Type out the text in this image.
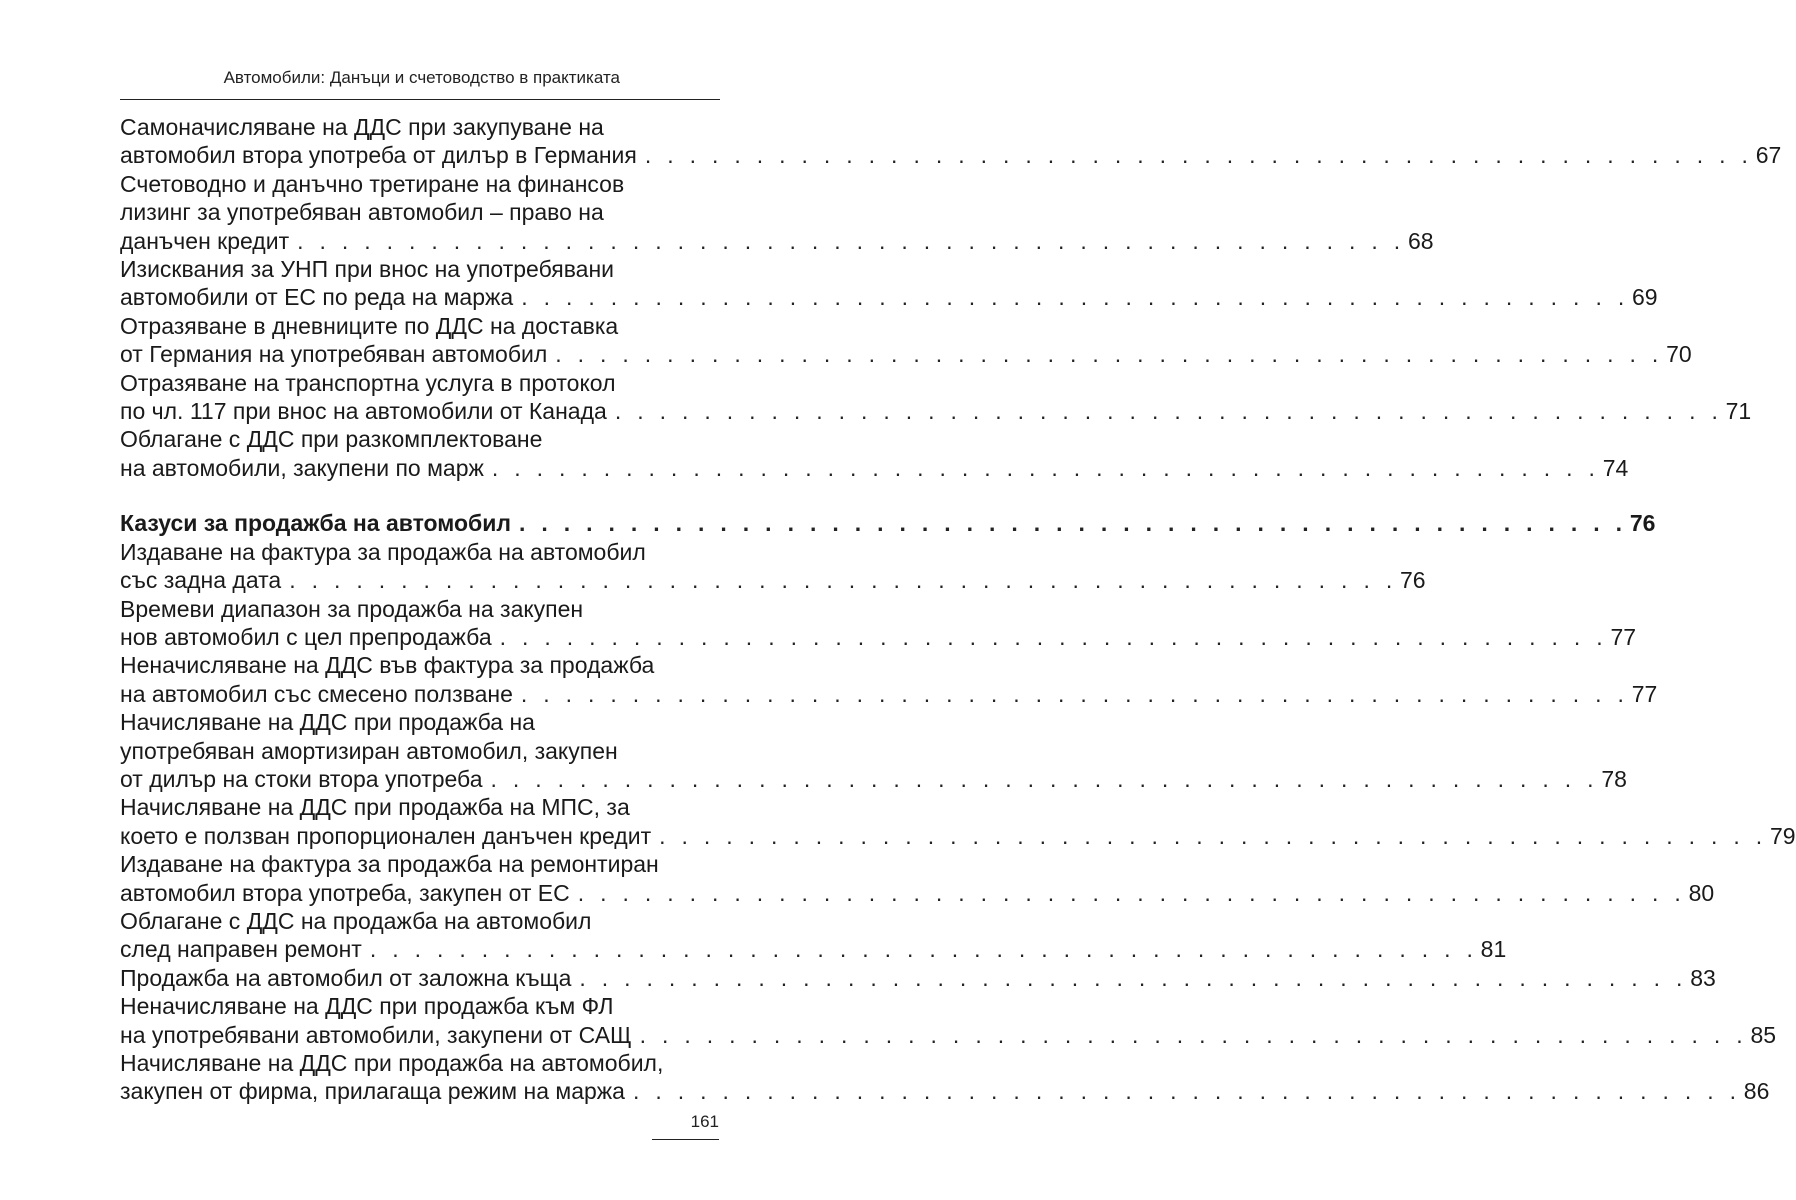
Автомобили: Данъци и счетоводство в практиката
Самоначисляване на ДДС при закупуване на
автомобил втора употреба от дилър в Германия . . . . . . . . . . . . . . . . . . . . . . . . . . . . . . . . . . . . . . . . . . . . . . . . . . 67
Счетоводно и данъчно третиране на финансов
лизинг за употребяван автомобил – право на
данъчен кредит . . . . . . . . . . . . . . . . . . . . . . . . . . . . . . . . . . . . . . . . . . . . . . . . . . 68
Изисквания за УНП при внос на употребявани
автомобили от ЕС по реда на маржа . . . . . . . . . . . . . . . . . . . . . . . . . . . . . . . . . . . . . . . . . . . . . . . . . . 69
Отразяване в дневниците по ДДС на доставка
от Германия на употребяван автомобил . . . . . . . . . . . . . . . . . . . . . . . . . . . . . . . . . . . . . . . . . . . . . . . . . . 70
Отразяване на транспортна услуга в протокол
по чл. 117 при внос на автомобили от Канада . . . . . . . . . . . . . . . . . . . . . . . . . . . . . . . . . . . . . . . . . . . . . . . . . . 71
Облагане с ДДС при разкомплектоване
на автомобили, закупени по марж . . . . . . . . . . . . . . . . . . . . . . . . . . . . . . . . . . . . . . . . . . . . . . . . . . 74
Казуси за продажба на автомобил . . . . . . . . . . . . . . . . . . . . . . . . . . . . . . . . . . . . . . . . . . . . . . . . . . 76
Издаване на фактура за продажба на автомобил
със задна дата . . . . . . . . . . . . . . . . . . . . . . . . . . . . . . . . . . . . . . . . . . . . . . . . . . 76
Времеви диапазон за продажба на закупен
нов автомобил с цел препродажба . . . . . . . . . . . . . . . . . . . . . . . . . . . . . . . . . . . . . . . . . . . . . . . . . . 77
Неначисляване на ДДС във фактура за продажба
на автомобил със смесено ползване . . . . . . . . . . . . . . . . . . . . . . . . . . . . . . . . . . . . . . . . . . . . . . . . . . 77
Начисляване на ДДС при продажба на
употребяван амортизиран автомобил, закупен
от дилър на стоки втора употреба . . . . . . . . . . . . . . . . . . . . . . . . . . . . . . . . . . . . . . . . . . . . . . . . . . 78
Начисляване на ДДС при продажба на МПС, за
което е ползван пропорционален данъчен кредит . . . . . . . . . . . . . . . . . . . . . . . . . . . . . . . . . . . . . . . . . . . . . . . . . . 79
Издаване на фактура за продажба на ремонтиран
автомобил втора употреба, закупен от ЕС . . . . . . . . . . . . . . . . . . . . . . . . . . . . . . . . . . . . . . . . . . . . . . . . . . 80
Облагане с ДДС на продажба на автомобил
след направен ремонт . . . . . . . . . . . . . . . . . . . . . . . . . . . . . . . . . . . . . . . . . . . . . . . . . . 81
Продажба на автомобил от заложна къща . . . . . . . . . . . . . . . . . . . . . . . . . . . . . . . . . . . . . . . . . . . . . . . . . . 83
Неначисляване на ДДС при продажба към ФЛ
на употребявани автомобили, закупени от САЩ . . . . . . . . . . . . . . . . . . . . . . . . . . . . . . . . . . . . . . . . . . . . . . . . . . 85
Начисляване на ДДС при продажба на автомобил,
закупен от фирма, прилагаща режим на маржа . . . . . . . . . . . . . . . . . . . . . . . . . . . . . . . . . . . . . . . . . . . . . . . . . . 86
161
